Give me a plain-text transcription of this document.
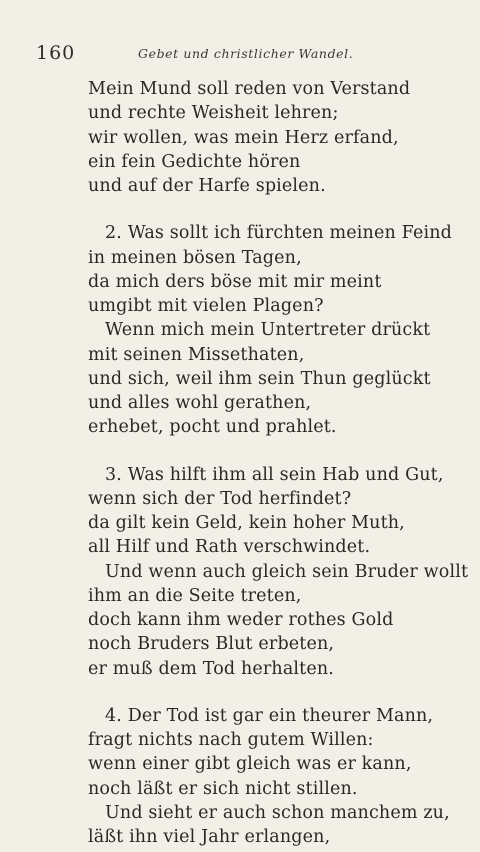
160	Gebet und christlicher Wandel.
Mein Mund soll reden von Verstand
und rechte Weisheit lehren;
wir wollen, was mein Herz erfand,
ein fein Gedichte hören
und auf der Harfe spielen.
2. Was sollt ich fürchten meinen Feind
in meinen bösen Tagen,
da mich ders böse mit mir meint
umgibt mit vielen Plagen?
Wenn mich mein Untertreter drückt
mit seinen Missethaten,
und sich, weil ihm sein Thun geglückt
und alles wohl gerathen,
erhebet, pocht und prahlet.
3. Was hilft ihm all sein Hab und Gut,
wenn sich der Tod herfindet?
da gilt kein Geld, kein hoher Muth,
all Hilf und Rath verschwindet.
Und wenn auch gleich sein Bruder wollt
ihm an die Seite treten,
doch kann ihm weder rothes Gold
noch Bruders Blut erbeten,
er muß dem Tod herhalten.
4. Der Tod ist gar ein theurer Mann,
fragt nichts nach gutem Willen:
wenn einer gibt gleich was er kann,
noch läßt er sich nicht stillen.
Und sieht er auch schon manchem zu,
läßt ihn viel Jahr erlangen,
